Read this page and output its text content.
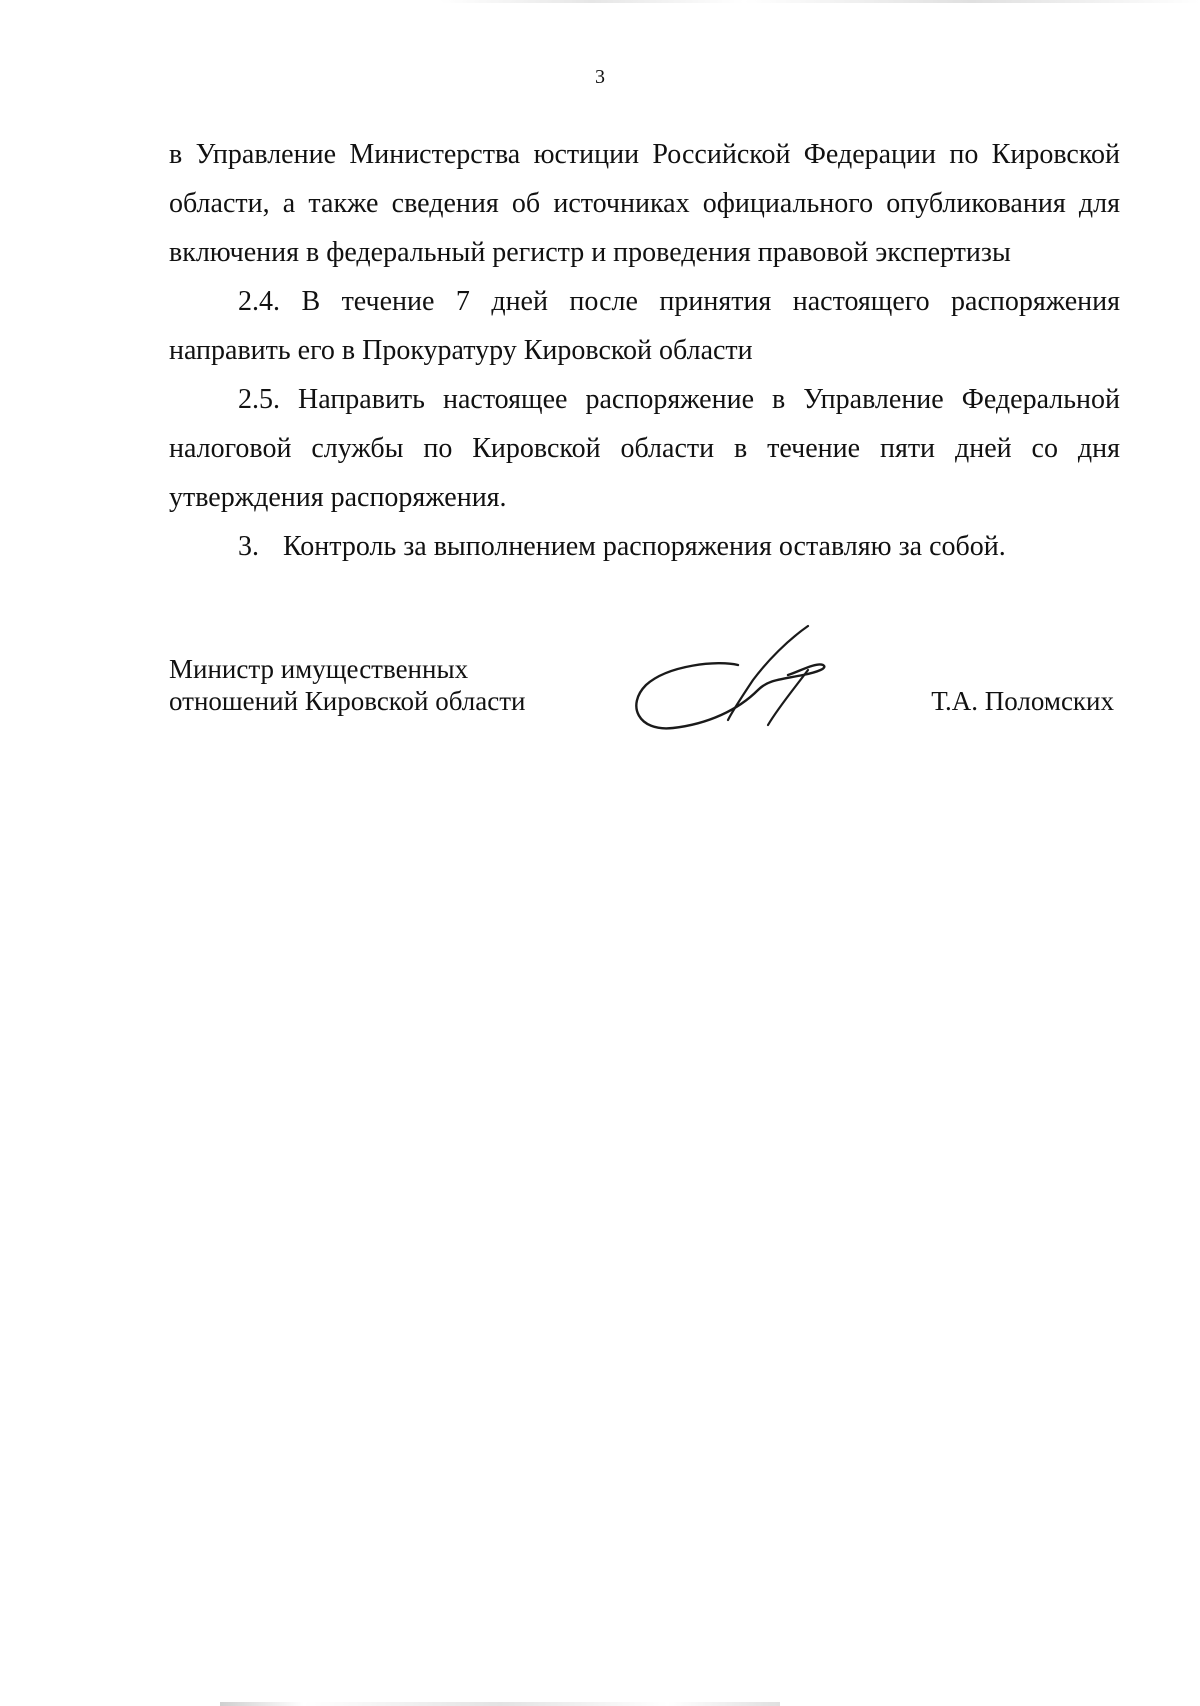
3

в Управление Министерства юстиции Российской Федерации по Кировской области, а также сведения об источниках официального опубликования для включения в федеральный регистр и проведения правовой экспертизы

2.4. В течение 7 дней после принятия настоящего распоряжения направить его в Прокуратуру Кировской области

2.5. Направить настоящее распоряжение в Управление Федеральной налоговой службы по Кировской области в течение пяти дней со дня утверждения распоряжения.

3. Контроль за выполнением распоряжения оставляю за собой.

Министр имущественных
отношений Кировской области	Т.А. Поломских
